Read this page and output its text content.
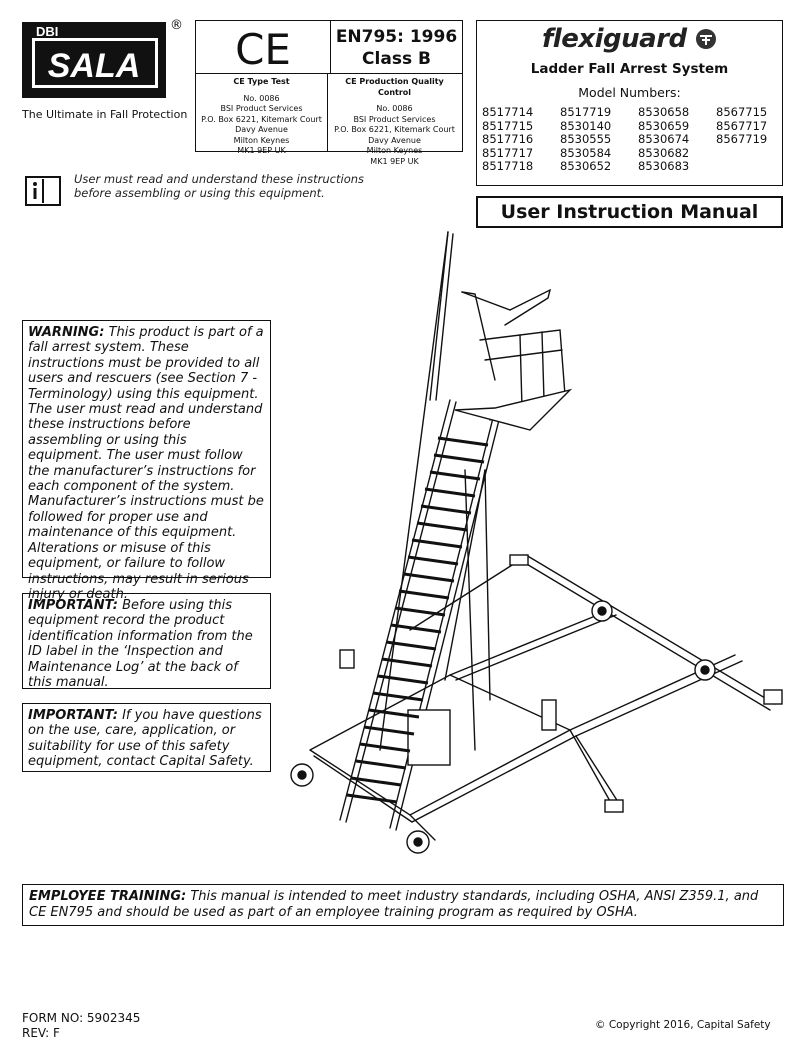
DBI
SALA
®
The Ultimate in Fall Protection
CE	EN795: 1996
Class B
CE Type Test
No. 0086
BSI Product Services
P.O. Box 6221, Kitemark Court
Davy Avenue
Milton Keynes
MK1 9EP UK
CE Production Quality Control
No. 0086
BSI Product Services
P.O. Box 6221, Kitemark Court
Davy Avenue
Milton Keynes
MK1 9EP UK
flexiguard
Ladder Fall Arrest System
Model Numbers:
8517714	8517719	8530658	8567715
8517715	8530140	8530659	8567717
8517716	8530555	8530674	8567719
8517717	8530584	8530682
8517718	8530652	8530683
User must read and understand these instructions
before assembling or using this equipment.
User Instruction Manual
WARNING: This product is part of a fall arrest system. These instructions must be provided to all users and rescuers (see Section 7 - Terminology) using this equipment. The user must read and understand these instructions before assembling or using this equipment. The user must follow the manufacturer’s instructions for each component of the system. Manufacturer’s instructions must be followed for proper use and maintenance of this equipment. Alterations or misuse of this equipment, or failure to follow instructions, may result in serious injury or death.
IMPORTANT: Before using this equipment record the product identification information from the ID label in the ‘Inspection and Maintenance Log’ at the back of this manual.
IMPORTANT: If you have questions on the use, care, application, or suitability for use of this safety equipment, contact Capital Safety.
EMPLOYEE TRAINING: This manual is intended to meet industry standards, including OSHA, ANSI Z359.1, and CE EN795 and should be used as part of an employee training program as required by OSHA.
FORM NO: 5902345
REV: F
© Copyright 2016, Capital Safety
